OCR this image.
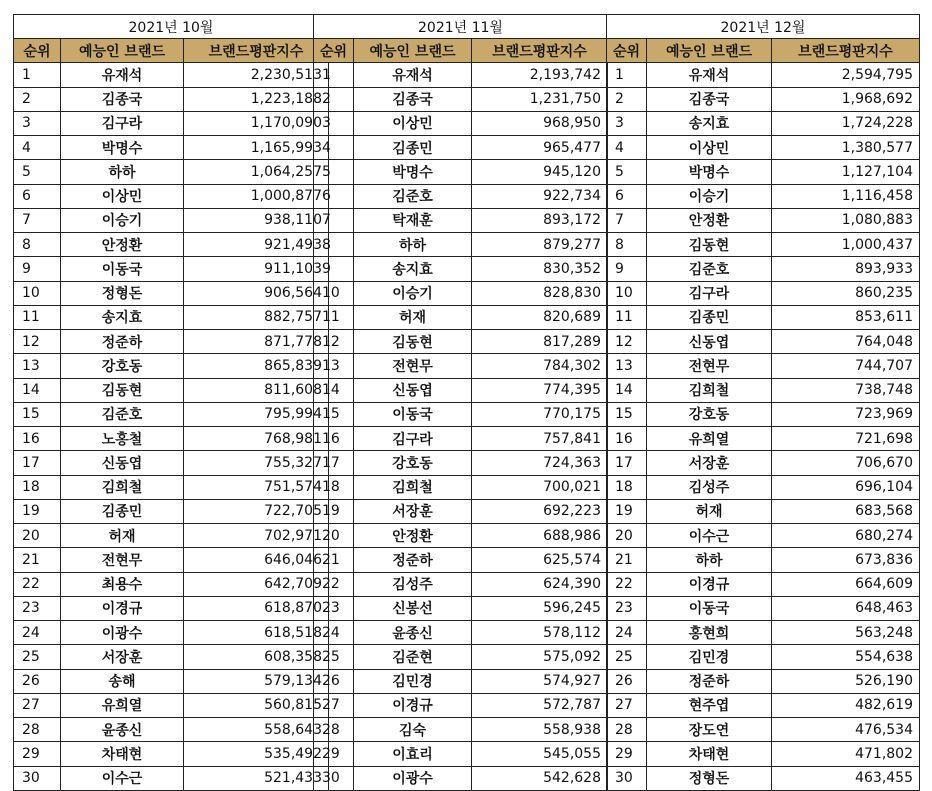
2021년 10월		
순위	예능인 브랜드	브랜드평판지수
1	유재석	2,230,513
2	김종국	1,223,188
3	김구라	1,170,090
4	박명수	1,165,993
5	하하	1,064,257
6	이상민	1,000,877
7	이승기	938,110
8	안정환	921,493
9	이동국	911,103
10	정형돈	906,564
11	송지효	882,757
12	정준하	871,778
13	강호동	865,839
14	김동현	811,608
15	김준호	795,994
16	노홍철	768,981
17	신동엽	755,327
18	김희철	751,574
19	김종민	722,705
20	허재	702,971
21	전현무	646,046
22	최용수	642,709
23	이경규	618,870
24	이광수	618,518
25	서장훈	608,358
26	송해	579,134
27	유희열	560,815
28	윤종신	558,643
29	차태현	535,492
30	이수근	521,433
2021년 11월		
순위	예능인 브랜드	브랜드평판지수
1	유재석	2,193,742
2	김종국	1,231,750
3	이상민	968,950
4	김종민	965,477
5	박명수	945,120
6	김준호	922,734
7	탁재훈	893,172
8	하하	879,277
9	송지효	830,352
10	이승기	828,830
11	허재	820,689
12	김동현	817,289
13	전현무	784,302
14	신동엽	774,395
15	이동국	770,175
16	김구라	757,841
17	강호동	724,363
18	김희철	700,021
19	서장훈	692,223
20	안정환	688,986
21	정준하	625,574
22	김성주	624,390
23	신봉선	596,245
24	윤종신	578,112
25	김준현	575,092
26	김민경	574,927
27	이경규	572,787
28	김숙	558,938
29	이효리	545,055
30	이광수	542,628
2021년 12월		
순위	예능인 브랜드	브랜드평판지수
1	유재석	2,594,795
2	김종국	1,968,692
3	송지효	1,724,228
4	이상민	1,380,577
5	박명수	1,127,104
6	이승기	1,116,458
7	안정환	1,080,883
8	김동현	1,000,437
9	김준호	893,933
10	김구라	860,235
11	김종민	853,611
12	신동엽	764,048
13	전현무	744,707
14	김희철	738,748
15	강호동	723,969
16	유희열	721,698
17	서장훈	706,670
18	김성주	696,104
19	허재	683,568
20	이수근	680,274
21	하하	673,836
22	이경규	664,609
23	이동국	648,463
24	홍현희	563,248
25	김민경	554,638
26	정준하	526,190
27	현주엽	482,619
28	장도연	476,534
29	차태현	471,802
30	정형돈	463,455
